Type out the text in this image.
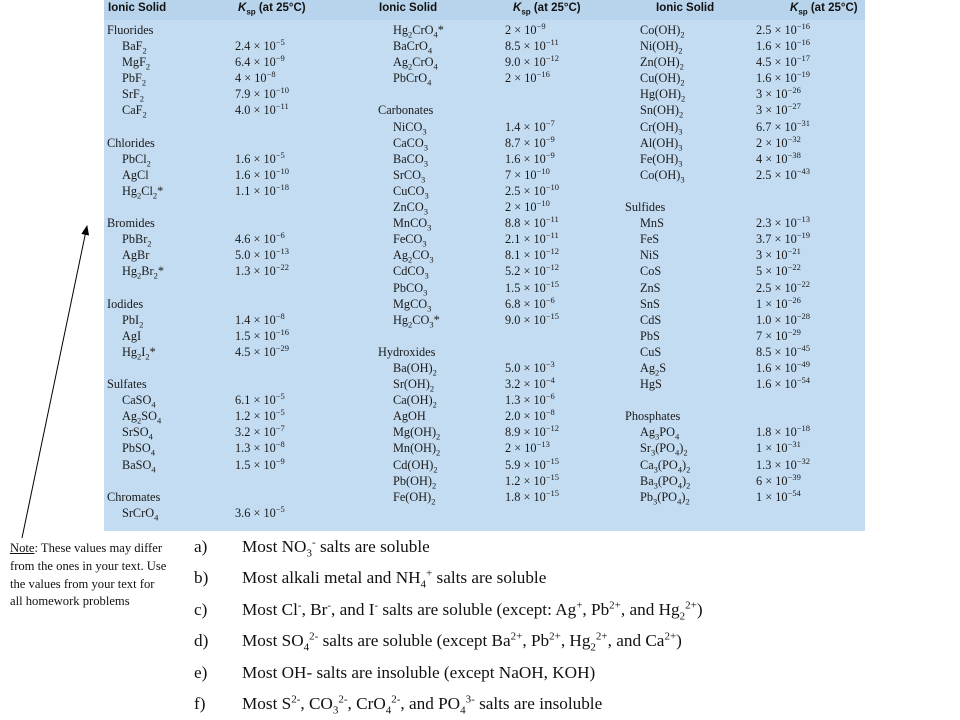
Ionic Solid	$K_{sp}$ (at 25°C)	Ionic Solid	$K_{sp}$ (at 25°C)	Ionic Solid	$K_{sp}$ (at 25°C)
Fluorides
BaF$_2$	$2.4 \times 10^{-5}$
MgF$_2$	$6.4 \times 10^{-9}$
PbF$_2$	$4 \times 10^{-8}$
SrF$_2$	$7.9 \times 10^{-10}$
CaF$_2$	$4.0 \times 10^{-11}$
Chlorides
PbCl$_2$	$1.6 \times 10^{-5}$
AgCl	$1.6 \times 10^{-10}$
$Hg_2Cl_2*$	$1.1 \times 10^{-18}$
Bromides
PbBr$_2$	$4.6 \times 10^{-6}$
AgBr	$5.0 \times 10^{-13}$
$Hg_2Br_2*$	$1.3 \times 10^{-22}$
Iodides
PbI$_2$	$1.4 \times 10^{-8}$
AgI	$1.5 \times 10^{-16}$
$Hg_2I_2*$	$4.5 \times 10^{-29}$
Sulfates
CaSO$_4$	$6.1 \times 10^{-5}$
$Ag_2SO_4$	$1.2 \times 10^{-5}$
SrSO$_4$	$3.2 \times 10^{-7}$
PbSO$_4$	$1.3 \times 10^{-8}$
BaSO$_4$	$1.5 \times 10^{-9}$
Chromates
SrCrO$_4$	$3.6 \times 10^{-5}$
$Hg_2CrO_4*$	$2 \times 10^{-9}$
BaCrO$_4$	$8.5 \times 10^{-11}$
$Ag_2CrO_4$	$9.0 \times 10^{-12}$
PbCrO$_4$	$2 \times 10^{-16}$
Carbonates
NiCO$_3$	$1.4 \times 10^{-7}$
CaCO$_3$	$8.7 \times 10^{-9}$
BaCO$_3$	$1.6 \times 10^{-9}$
SrCO$_3$	$7 \times 10^{-10}$
CuCO$_3$	$2.5 \times 10^{-10}$
ZnCO$_3$	$2 \times 10^{-10}$
MnCO$_3$	$8.8 \times 10^{-11}$
FeCO$_3$	$2.1 \times 10^{-11}$
$Ag_2CO_3$	$8.1 \times 10^{-12}$
CdCO$_3$	$5.2 \times 10^{-12}$
PbCO$_3$	$1.5 \times 10^{-15}$
MgCO$_3$	$6.8 \times 10^{-6}$
$Hg_2CO_3*$	$9.0 \times 10^{-15}$
Hydroxides
$Ba(OH)_2$	$5.0 \times 10^{-3}$
$Sr(OH)_2$	$3.2 \times 10^{-4}$
$Ca(OH)_2$	$1.3 \times 10^{-6}$
AgOH	$2.0 \times 10^{-8}$
$Mg(OH)_2$	$8.9 \times 10^{-12}$
$Mn(OH)_2$	$2 \times 10^{-13}$
$Cd(OH)_2$	$5.9 \times 10^{-15}$
$Pb(OH)_2$	$1.2 \times 10^{-15}$
$Fe(OH)_2$	$1.8 \times 10^{-15}$
$Co(OH)_2$	$2.5 \times 10^{-16}$
$Ni(OH)_2$	$1.6 \times 10^{-16}$
$Zn(OH)_2$	$4.5 \times 10^{-17}$
$Cu(OH)_2$	$1.6 \times 10^{-19}$
$Hg(OH)_2$	$3 \times 10^{-26}$
$Sn(OH)_2$	$3 \times 10^{-27}$
$Cr(OH)_3$	$6.7 \times 10^{-31}$
$Al(OH)_3$	$2 \times 10^{-32}$
$Fe(OH)_3$	$4 \times 10^{-38}$
$Co(OH)_3$	$2.5 \times 10^{-43}$
Sulfides
MnS	$2.3 \times 10^{-13}$
FeS	$3.7 \times 10^{-19}$
NiS	$3 \times 10^{-21}$
CoS	$5 \times 10^{-22}$
ZnS	$2.5 \times 10^{-22}$
SnS	$1 \times 10^{-26}$
CdS	$1.0 \times 10^{-28}$
PbS	$7 \times 10^{-29}$
CuS	$8.5 \times 10^{-45}$
$Ag_2S$	$1.6 \times 10^{-49}$
HgS	$1.6 \times 10^{-54}$
Phosphates
$Ag_3PO_4$	$1.8 \times 10^{-18}$
$Sr_3(PO_4)_2$	$1 \times 10^{-31}$
$Ca_3(PO_4)_2$	$1.3 \times 10^{-32}$
$Ba_3(PO_4)_2$	$6 \times 10^{-39}$
$Pb_3(PO_4)_2$	$1 \times 10^{-54}$
a) Most $NO_3^-$ salts are soluble
b) Most alkali metal and $NH_4^+$ salts are soluble
c) Most Cl-, Br-, and I- salts are soluble (except: Ag+, $Pb^{2+}$, and $Hg_2^{2+}$)
d) Most $SO_4^{2-}$ salts are soluble (except $Ba^{2+}$, $Pb^{2+}$, $Hg_2^{2+}$, and $Ca^{2+}$)
e) Most OH- salts are insoluble (except NaOH, KOH)
f) Most $S^{2-}$, $CO_3^{2-}$, CrO$_4^{2-}$, and $PO_4^{3-}$ salts are insoluble
Note: These values may differ from the ones in your text. Use the values from your text for all homework problems
